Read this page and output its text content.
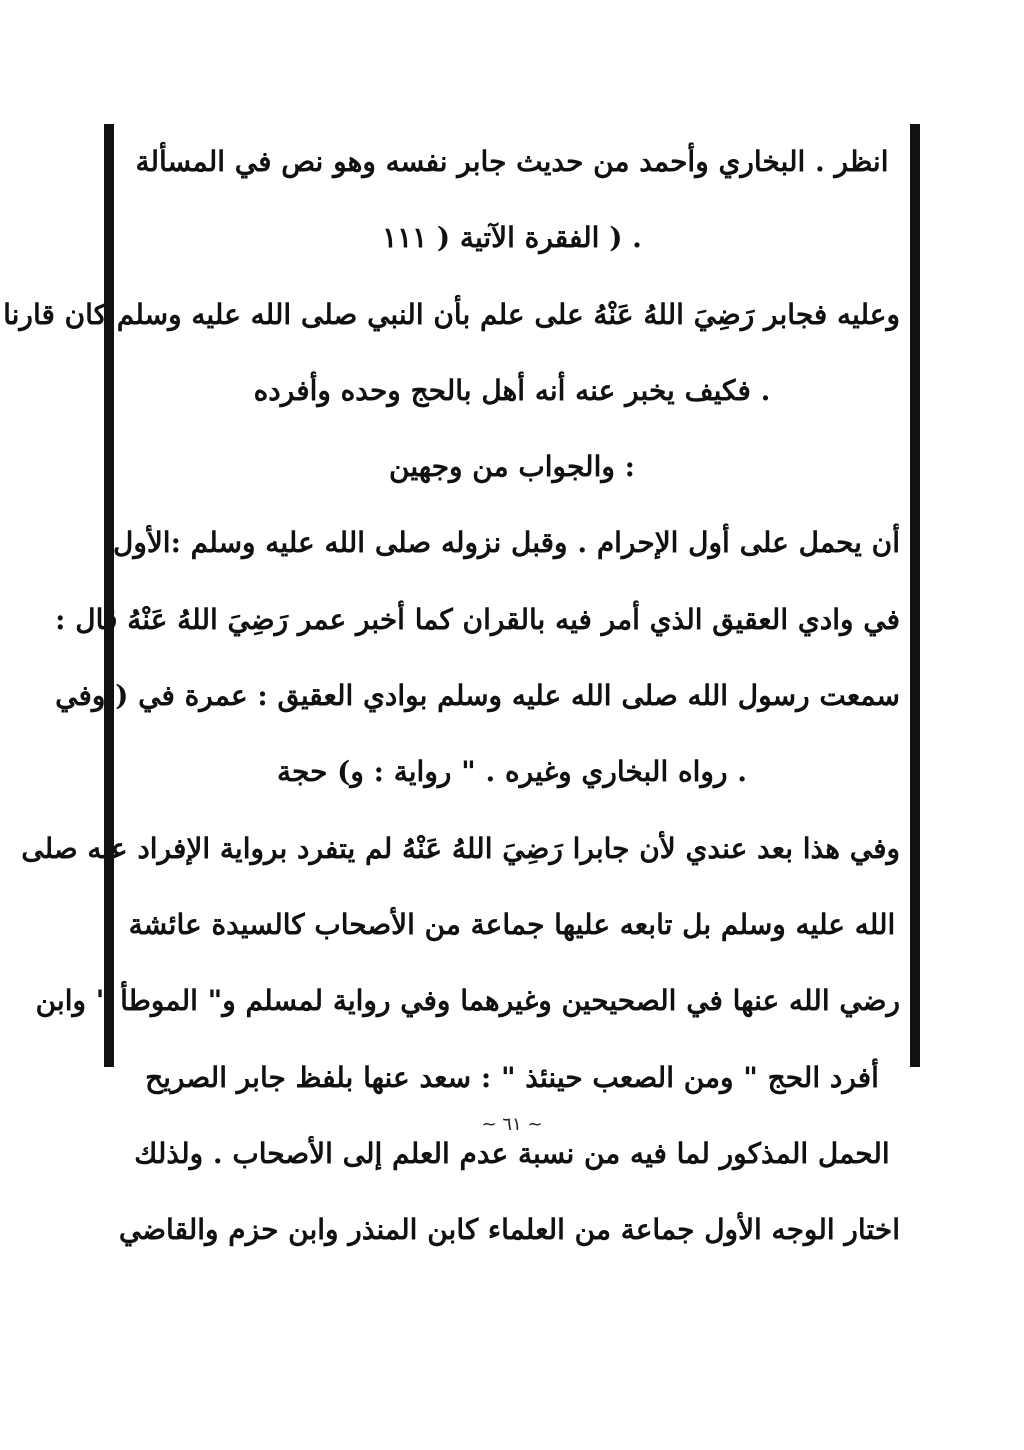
انظر . البخاري وأحمد من حديث جابر نفسه وهو نص في المسألة
. ( الفقرة الآتية ( ١١١
وعليه فجابر رَضِيَ اللهُ عَنْهُ على علم بأن النبي صلى الله عليه وسلم كان قارنا
. فكيف يخبر عنه أنه أهل بالحج وحده وأفرده
: والجواب من وجهين
أن يحمل على أول الإحرام . وقبل نزوله صلى الله عليه وسلم :الأول
في وادي العقيق الذي أمر فيه بالقران كما أخبر عمر رَضِيَ اللهُ عَنْهُ قال :
سمعت رسول الله صلى الله عليه وسلم بوادي العقيق : عمرة في ( وفي
. رواه البخاري وغيره . " رواية : و) حجة
وفي هذا بعد عندي لأن جابرا رَضِيَ اللهُ عَنْهُ لم يتفرد برواية الإفراد عنه صلى
الله عليه وسلم بل تابعه عليها جماعة من الأصحاب كالسيدة عائشة
رضي الله عنها في الصحيحين وغيرهما وفي رواية لمسلم و" الموطأ " وابن
أفرد الحج " ومن الصعب حينئذ " : سعد عنها بلفظ جابر الصريح
الحمل المذكور لما فيه من نسبة عدم العلم إلى الأصحاب . ولذلك
اختار الوجه الأول جماعة من العلماء كابن المنذر وابن حزم والقاضي
~ ٦١ ~
